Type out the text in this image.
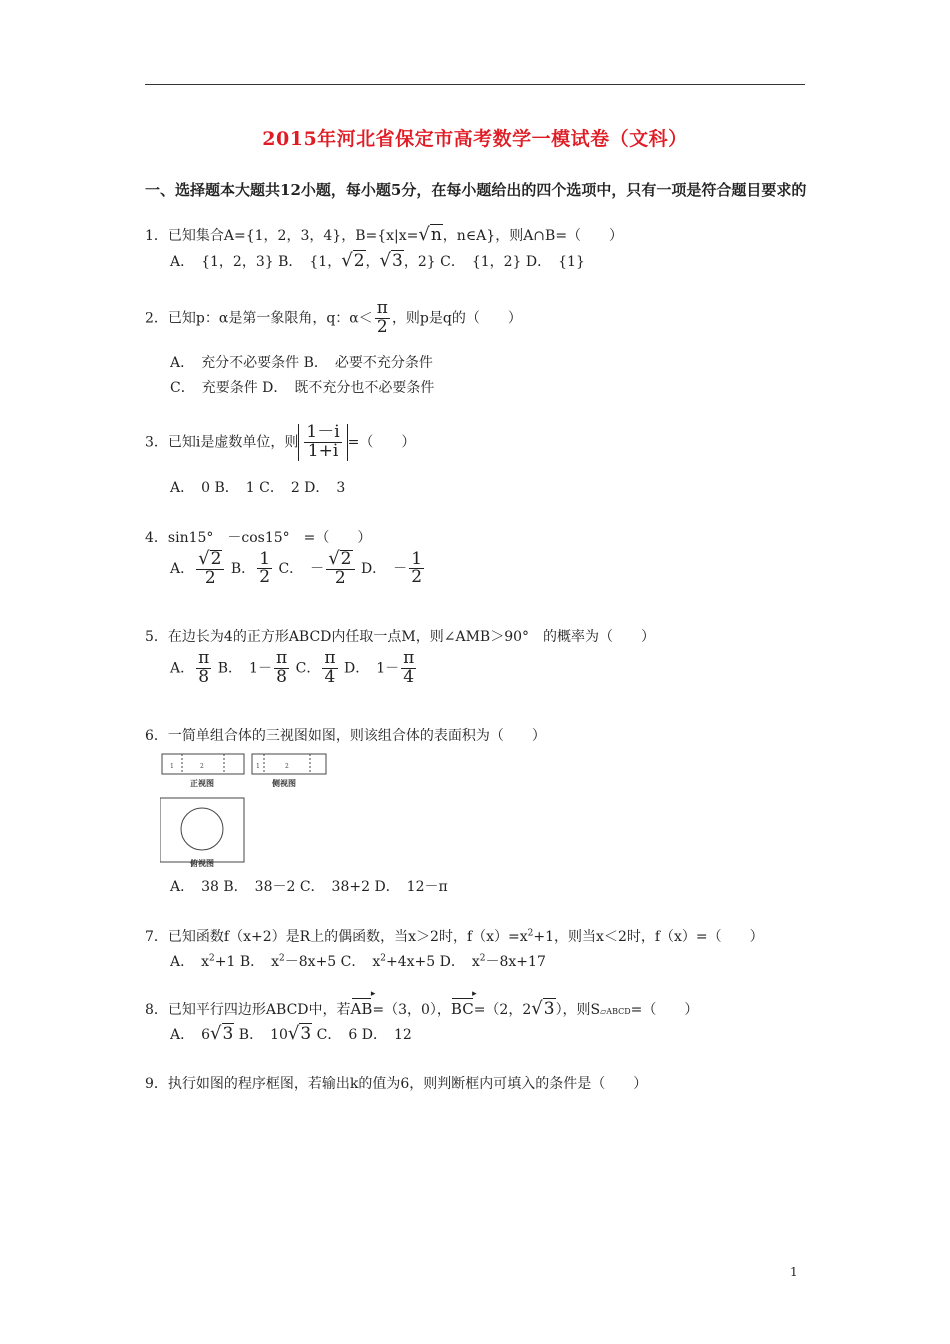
2015年河北省保定市高考数学一模试卷（文科）
一、选择题本大题共12小题，每小题5分，在每小题给出的四个选项中，只有一项是符合题目要求的
1．已知集合A={1，2，3，4}，B={x|x= √ n ，n∈A}，则A∩B=（　　）
A．　{1，2，3} B．　{1， √ 2 ， √ 3 ，2} C．　{1，2} D．　{1}
2．已知p：α是第一象限角，q：$\alpha< \frac{\pi}{2}$ ，则p是q的（　　）
A．　充分不必要条件 B．　必要不充分条件
C．　充要条件 D．　既不充分也不必要条件
3．已知i是虚数单位，则 $\frac{1-i}{1+i}$ =（　　）
A．　0 B．　1 C．　2 D．　3
4．sin15°　－cos15°　=（　　）
A． $\frac{√ 2}{2}$ B． $\frac{1}{2}$ C．　－ $\frac{√ 2}{2}$ D．　－ $\frac{1}{2}$
5．在边长为4的正方形ABCD内任取一点M，则∠AMB＞90°　的概率为（　　）
A． $\frac{\pi}{8}$ B．　$1- \frac{\pi}{8}$ C． $\frac{\pi}{4}$ D．　$1- \frac{\pi}{4}$
6．一简单组合体的三视图如图，则该组合体的表面积为（　　）
2
1	2
1
正视图	侧视图
俯视图
A．　38 B．　38－2 C．　38+2 D．　12－π
7．已知函数f（x+2）是R上的偶函数，当x＞2时，$f(x)=x^2+1$，则当x＜2时，f（x）=（　　）
A．　$x^2+1$ B．　$x^2-8x+5$ C．　$x^2+4x+5$ D．　$x^2-8x+17$
8．已知平行四边形ABCD中，若AB ▸=（3，0），BC ▸=（2，2 √ 3 ），则S▱ABCD=（　　）
A．　6 √ 3 B．　10 √ 3 C．　6 D．　12
9．执行如图的程序框图，若输出k的值为6，则判断框内可填入的条件是（　　）
1
